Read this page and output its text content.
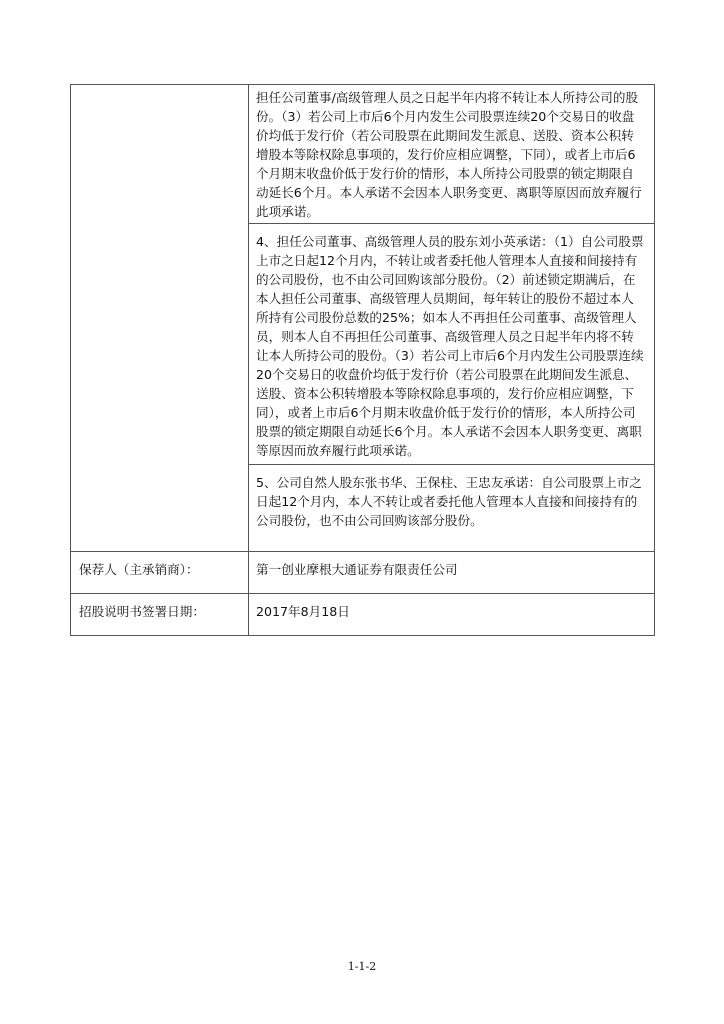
	担任公司董事/高级管理人员之日起半年内将不转让本人所持公司的股份。（3）若公司上市后6个月内发生公司股票连续20个交易日的收盘价均低于发行价（若公司股票在此期间发生派息、送股、资本公积转增股本等除权除息事项的，发行价应相应调整，下同），或者上市后6个月期末收盘价低于发行价的情形，本人所持公司股票的锁定期限自动延长6个月。本人承诺不会因本人职务变更、离职等原因而放弃履行此项承诺。
4、担任公司董事、高级管理人员的股东刘小英承诺：（1）自公司股票上市之日起12个月内，不转让或者委托他人管理本人直接和间接持有的公司股份，也不由公司回购该部分股份。（2）前述锁定期满后，在本人担任公司董事、高级管理人员期间，每年转让的股份不超过本人所持有公司股份总数的25%；如本人不再担任公司董事、高级管理人员，则本人自不再担任公司董事、高级管理人员之日起半年内将不转让本人所持公司的股份。（3）若公司上市后6个月内发生公司股票连续20个交易日的收盘价均低于发行价（若公司股票在此期间发生派息、送股、资本公积转增股本等除权除息事项的，发行价应相应调整，下同），或者上市后6个月期末收盘价低于发行价的情形，本人所持公司股票的锁定期限自动延长6个月。本人承诺不会因本人职务变更、离职等原因而放弃履行此项承诺。
5、公司自然人股东张书华、王保柱、王忠友承诺：自公司股票上市之日起12个月内，本人不转让或者委托他人管理本人直接和间接持有的公司股份，也不由公司回购该部分股份。

保荐人（主承销商）：	第一创业摩根大通证券有限责任公司
招股说明书签署日期：	2017年8月18日
1-1-2
